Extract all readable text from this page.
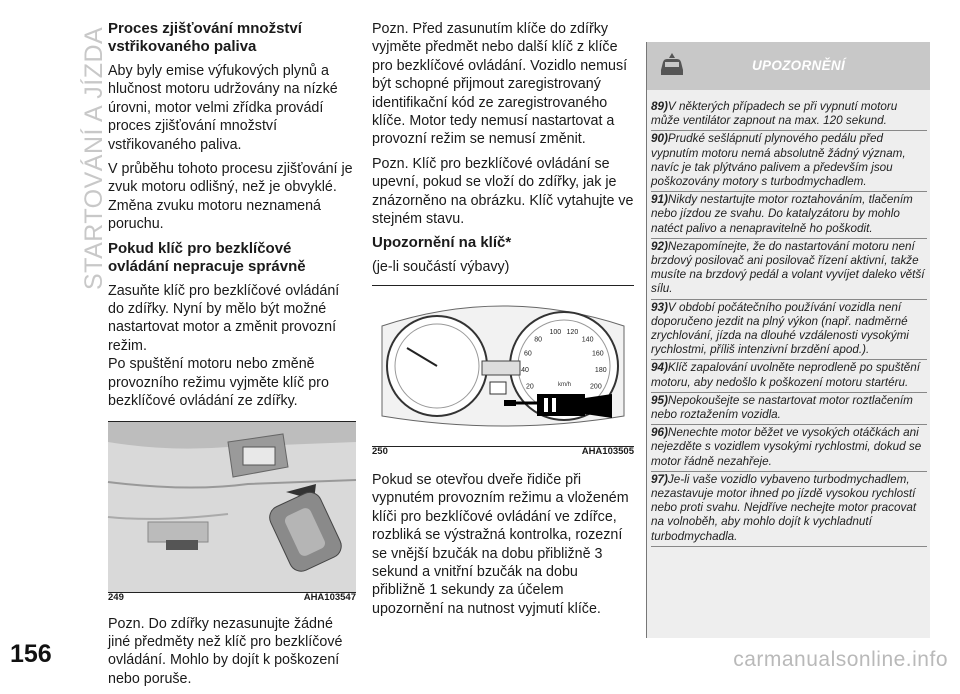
STARTOVÁNÍ A JÍZDA Proces zjišťování množství vstřikovaného paliva

Aby byly emise výfukových plynů a hlučnost motoru udržovány na nízké úrovni, motor velmi zřídka provádí proces zjišťování množství vstřikovaného paliva.

V průběhu tohoto procesu zjišťování je zvuk motoru odlišný, než je obvyklé. Změna zvuku motoru neznamená poruchu.

Pokud klíč pro bezklíčové ovládání nepracuje správně

Zasuňte klíč pro bezklíčové ovládání do zdířky. Nyní by mělo být možné nastartovat motor a změnit provozní režim.

Po spuštění motoru nebo změně provozního režimu vyjměte klíč pro bezklíčové ovládání ze zdířky.

249	AHA103547

Pozn. Do zdířky nezasunujte žádné jiné předměty než klíč pro bezklíčové ovládání. Mohlo by dojít k poškození nebo poruše.

Pozn. Před zasunutím klíče do zdířky vyjměte předmět nebo další klíč z klíče pro bezklíčové ovládání. Vozidlo nemusí být schopné přijmout zaregistrovaný identifikační kód ze zaregistrovaného klíče. Motor tedy nemusí nastartovat a provozní režim se nemusí změnit.

Pozn. Klíč pro bezklíčové ovládání se upevní, pokud se vloží do zdířky, jak je znázorněno na obrázku. Klíč vytahujte ve stejném stavu.

Upozornění na klíč*

(je-li součástí výbavy)

20
40
60
80
100 120
140
160
180
200
km/h
250	AHA103505

Pokud se otevřou dveře řidiče při vypnutém provozním režimu a vloženém klíči pro bezklíčové ovládání ve zdířce, rozbliká se výstražná kontrolka, rozezní se vnější bzučák na dobu přibližně 3 sekund a vnitřní bzučák na dobu přibližně 1 sekundy za účelem upozornění na nutnost vyjmutí klíče.

UPOZORNĚNÍ
89)V některých případech se při vypnutí motoru může ventilátor zapnout na max. 120 sekund.
90)Prudké sešlápnutí plynového pedálu před vypnutím motoru nemá absolutně žádný význam, navíc je tak plýtváno palivem a především jsou poškozovány motory s turbodmychadlem.
91)Nikdy nestartujte motor roztahováním, tlačením nebo jízdou ze svahu. Do katalyzátoru by mohlo natéct palivo a nenapravitelně ho poškodit.
92)Nezapomínejte, že do nastartování motoru není brzdový posilovač ani posilovač řízení aktivní, takže musíte na brzdový pedál a volant vyvíjet daleko větší sílu.
93)V období počátečního používání vozidla není doporučeno jezdit na plný výkon (např. nadměrné zrychlování, jízda na dlouhé vzdálenosti vysokými rychlostmi, příliš intenzivní brzdění apod.).
94)Klíč zapalování uvolněte neprodleně po spuštění motoru, aby nedošlo k poškození motoru startéru.
95)Nepokoušejte se nastartovat motor roztlačením nebo roztažením vozidla.
96)Nenechte motor běžet ve vysokých otáčkách ani nejezděte s vozidlem vysokými rychlostmi, dokud se motor řádně nezahřeje.
97)Je-li vaše vozidlo vybaveno turbodmychadlem, nezastavuje motor ihned po jízdě vysokou rychlostí nebo proti svahu. Nejdříve nechejte motor pracovat na volnoběh, aby mohlo dojít k vychladnutí turbodmychadla.
156	carmanualsonline.info
